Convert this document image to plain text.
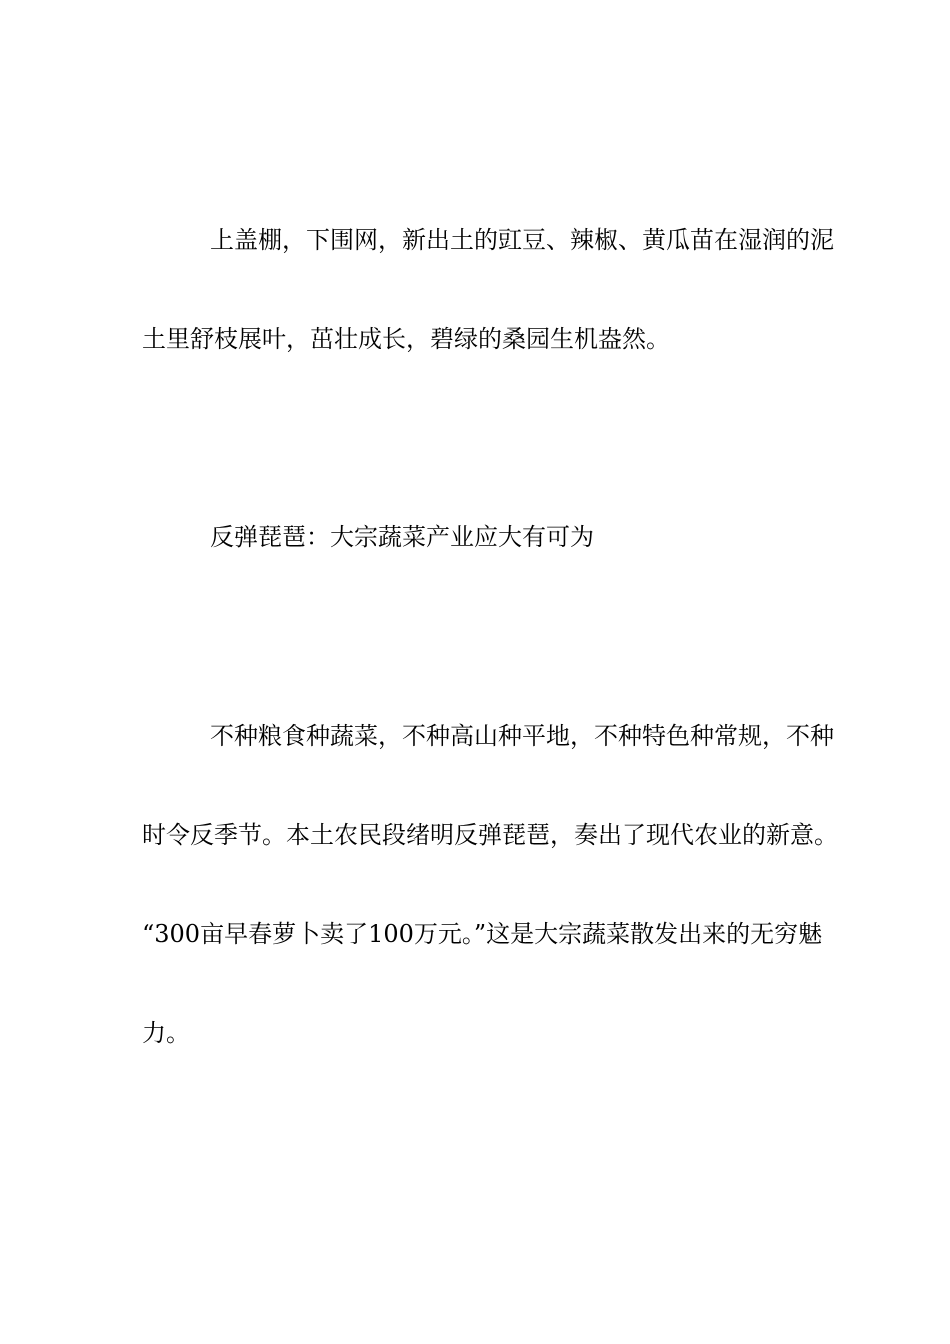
上盖棚，下围网，新出土的豇豆、辣椒、黄瓜苗在湿润的泥

土里舒枝展叶，茁壮成长，碧绿的桑园生机盎然。

反弹琵琶：大宗蔬菜产业应大有可为

不种粮食种蔬菜，不种高山种平地，不种特色种常规，不种

时令反季节。本土农民段绪明反弹琵琶，奏出了现代农业的新意。

“300亩早春萝卜卖了100万元。”这是大宗蔬菜散发出来的无穷魅

力。
